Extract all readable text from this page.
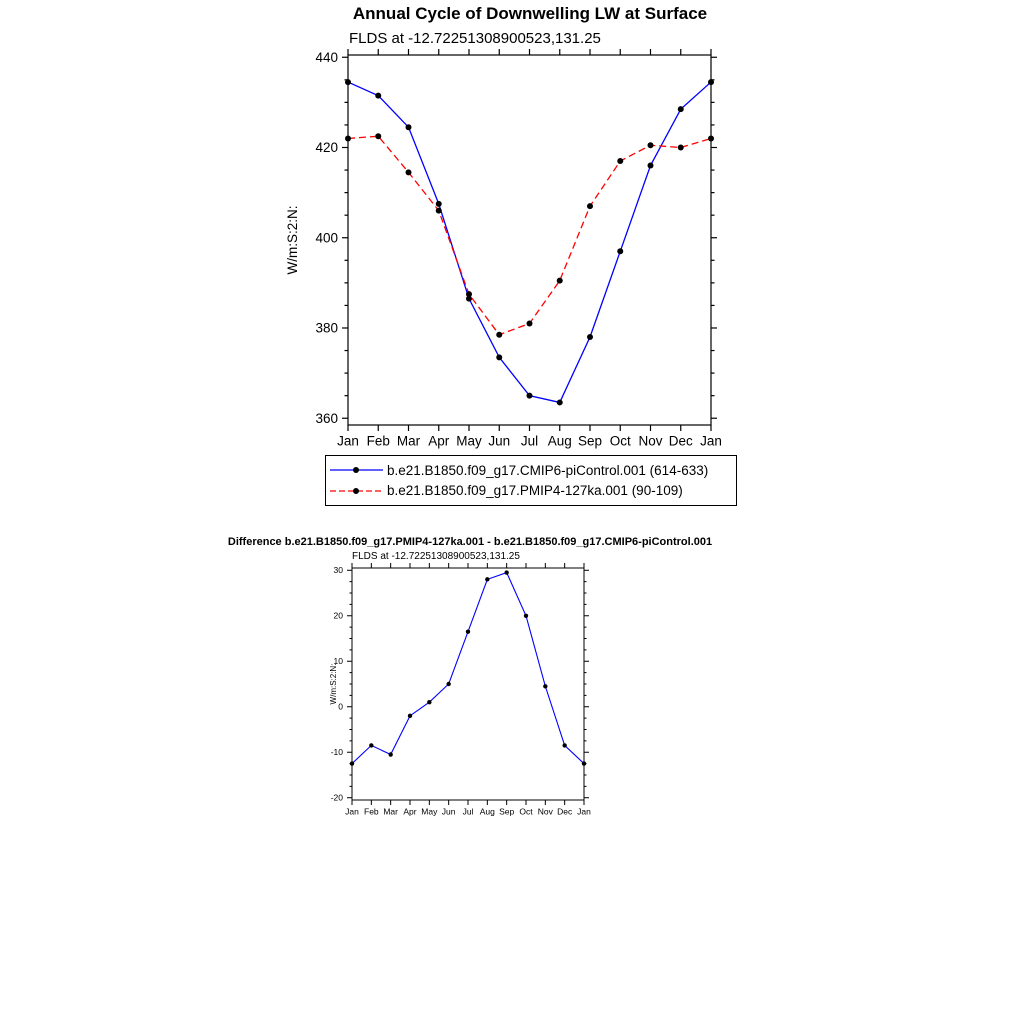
Annual Cycle of Downwelling LW at Surface
FLDS at -12.72251308900523,131.25
360
380
400
420
440
Jan Feb Mar Apr May Jun Jul Aug Sep Oct Nov Dec Jan
W/m:S:2:N:
b.e21.B1850.f09_g17.CMIP6-piControl.001 (614-633)
b.e21.B1850.f09_g17.PMIP4-127ka.001 (90-109)
Difference b.e21.B1850.f09_g17.PMIP4-127ka.001 - b.e21.B1850.f09_g17.CMIP6-piControl.001
FLDS at -12.72251308900523,131.25
-20
-10
0
10
20
30
Jan Feb Mar Apr May Jun Jul Aug Sep Oct Nov Dec Jan
W/m:S:2:N:
